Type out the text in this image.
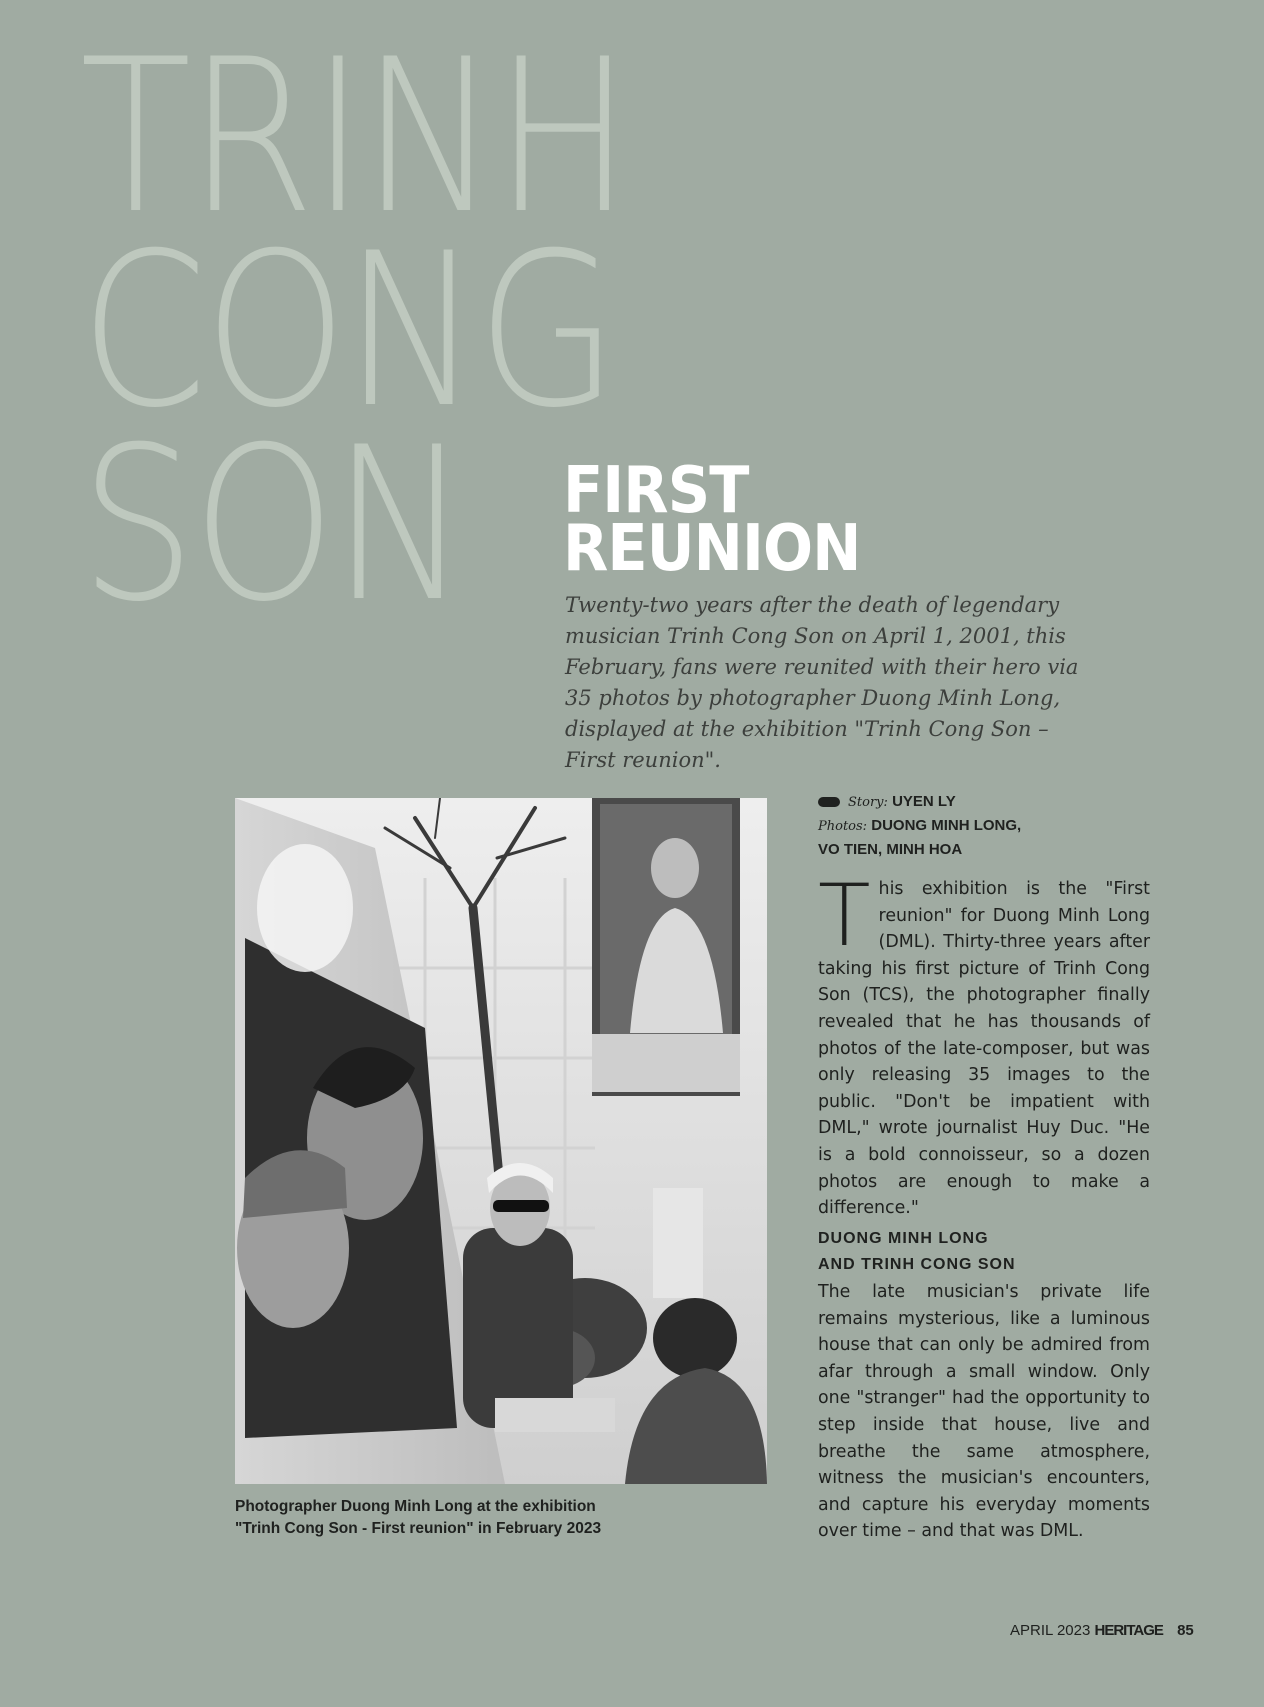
TRINH
CONG
SON	FIRST
REUNION

Twenty-two years after the death of legendary musician Trinh Cong Son on April 1, 2001, this February, fans were reunited with their hero via 35 photos by photographer Duong Minh Long, displayed at the exhibition "Trinh Cong Son – First reunion".

Photographer Duong Minh Long at the exhibition
"Trinh Cong Son - First reunion" in February 2023

Story: UYEN LY
Photos: DUONG MINH LONG,
VO TIEN, MINH HOA

This exhibition is the "First reunion" for Duong Minh Long (DML). Thirty-three years after taking his first picture of Trinh Cong Son (TCS), the photographer finally revealed that he has thousands of photos of the late-composer, but was only releasing 35 images to the public. "Don't be impatient with DML," wrote journalist Huy Duc. "He is a bold connoisseur, so a dozen photos are enough to make a difference."

DUONG MINH LONG
AND TRINH CONG SON

The late musician's private life remains mysterious, like a luminous house that can only be admired from afar through a small window. Only one "stranger" had the opportunity to step inside that house, live and breathe the same atmosphere, witness the musician's encounters, and capture his everyday moments over time – and that was DML.

APRIL 2023 HERITAGE 85
